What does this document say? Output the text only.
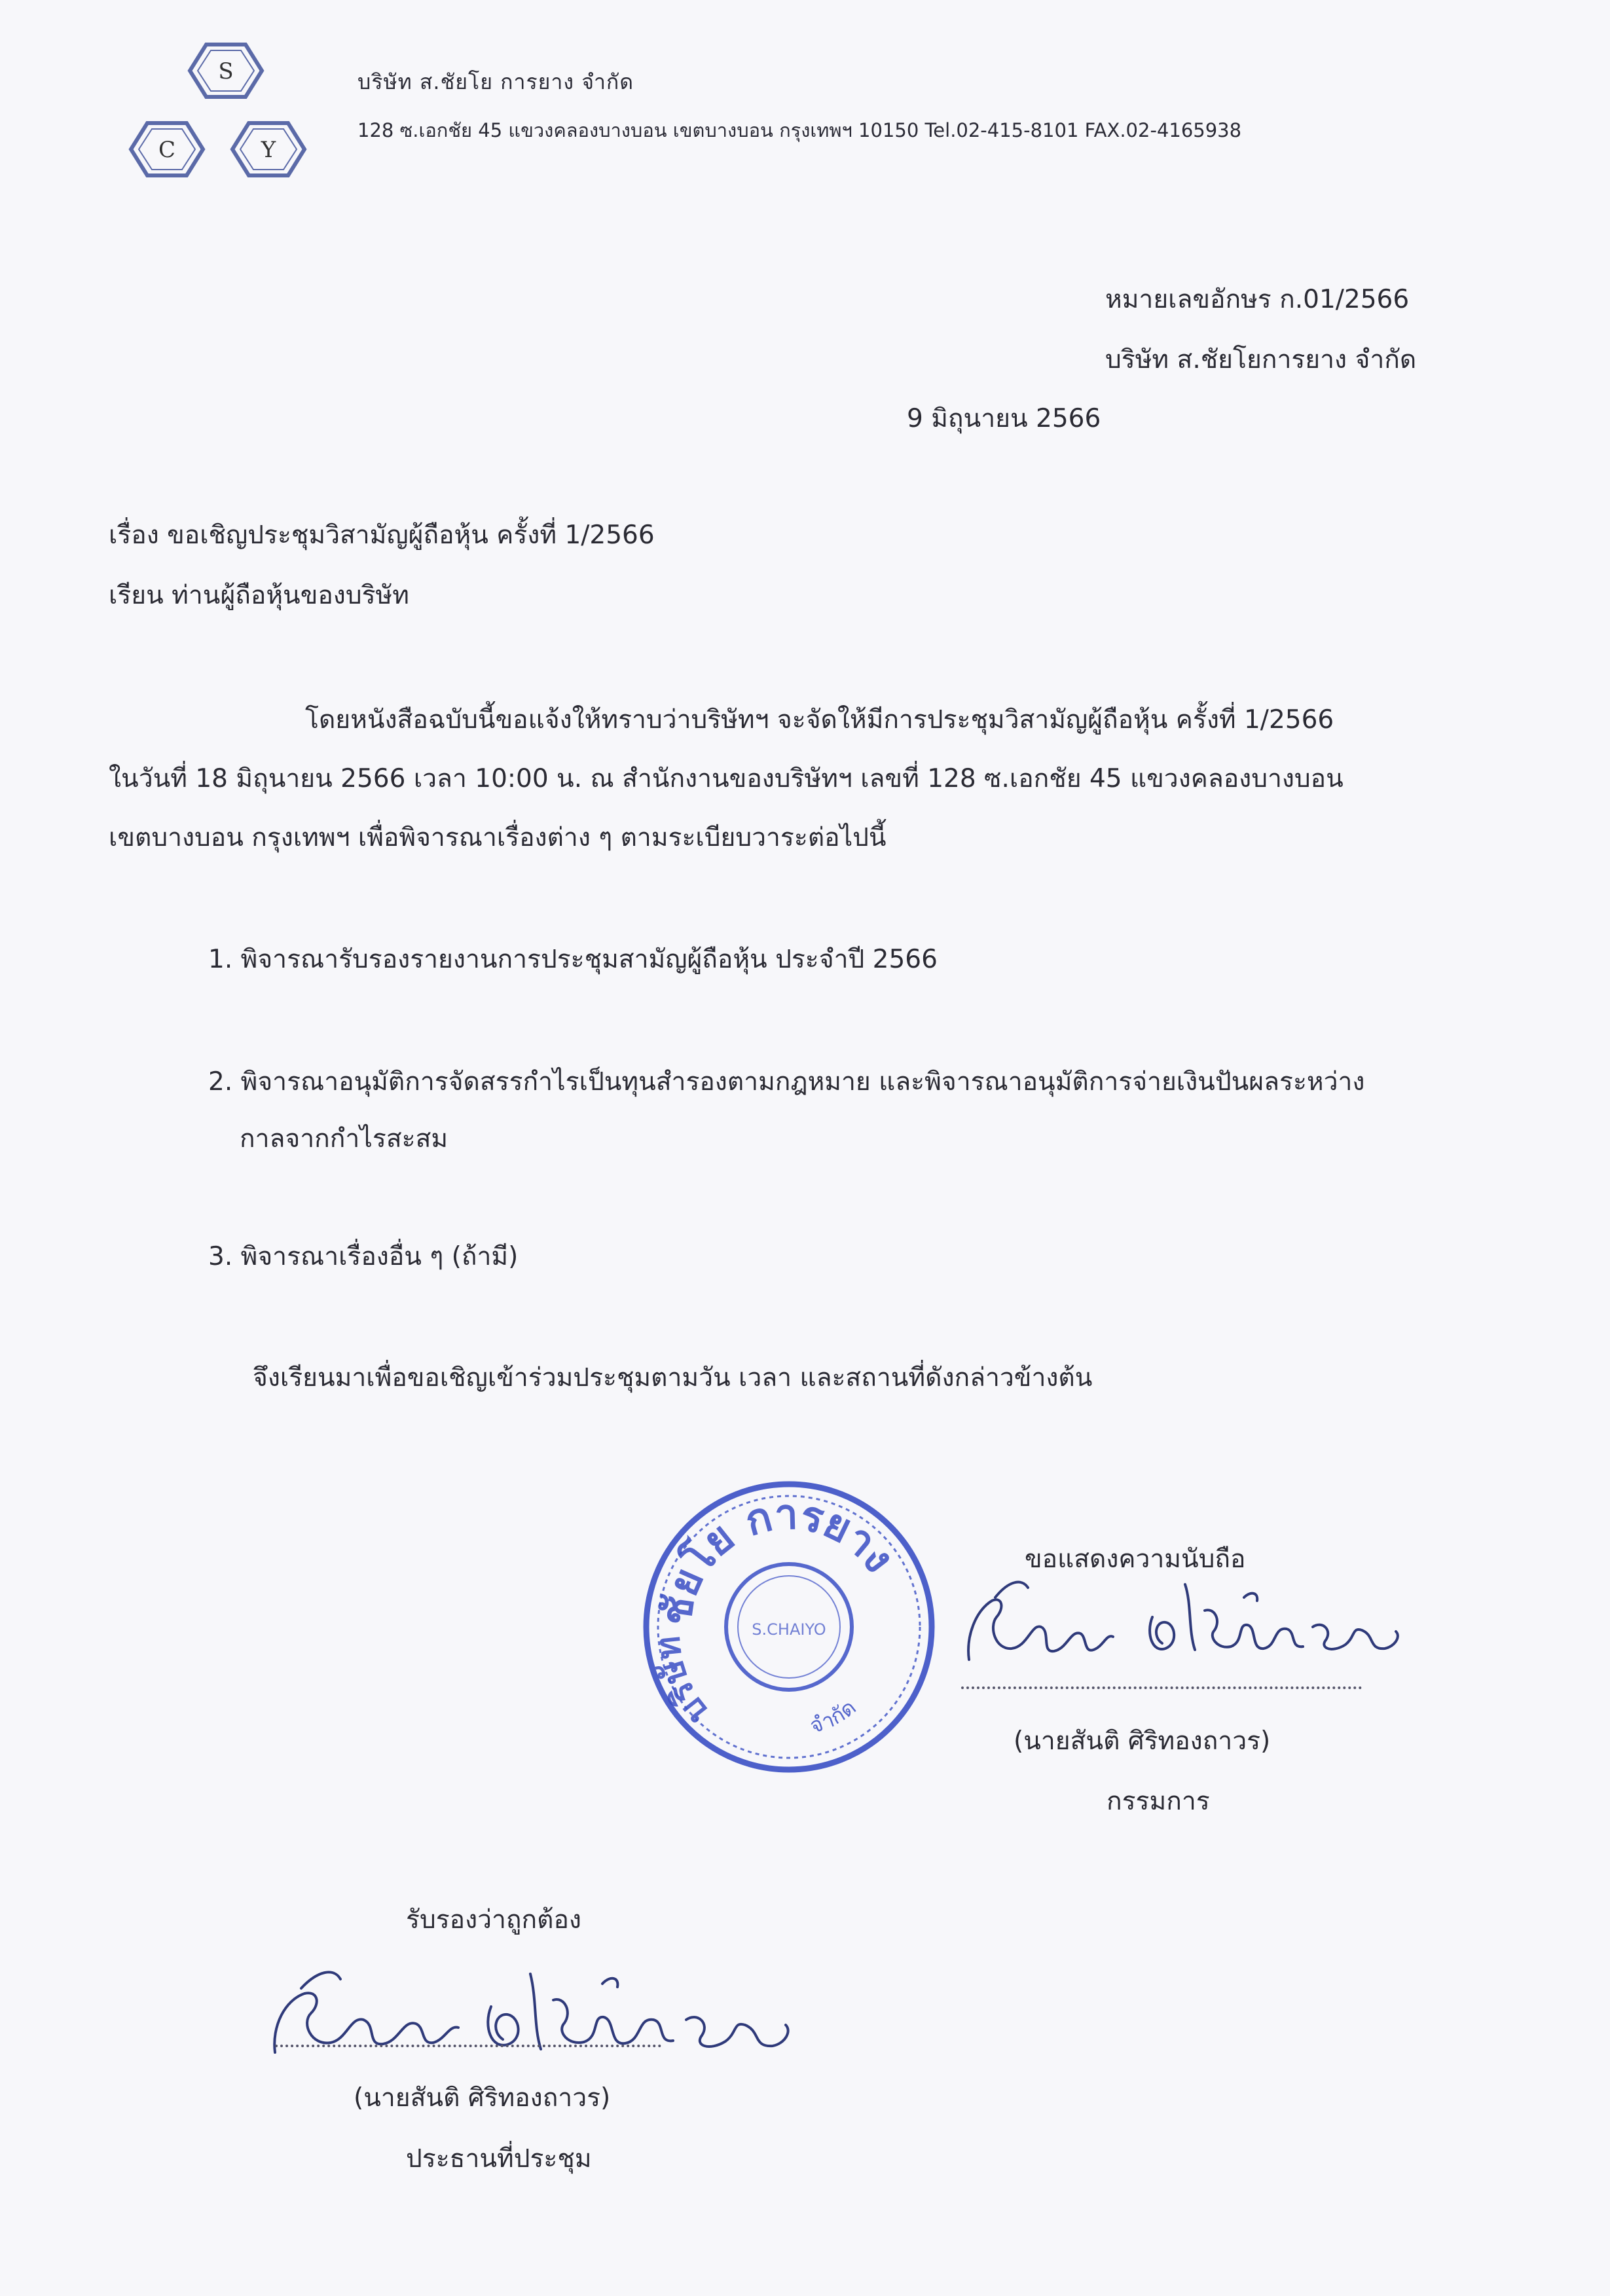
S
C	Y
บริษัท ส.ชัยโย การยาง จำกัด
128 ซ.เอกชัย 45 แขวงคลองบางบอน เขตบางบอน กรุงเทพฯ 10150 Tel.02-415-8101 FAX.02-4165938
หมายเลขอักษร ก.01/2566
บริษัท ส.ชัยโยการยาง จำกัด
9 มิถุนายน 2566
เรื่อง ขอเชิญประชุมวิสามัญผู้ถือหุ้น ครั้งที่ 1/2566
เรียน ท่านผู้ถือหุ้นของบริษัท
โดยหนังสือฉบับนี้ขอแจ้งให้ทราบว่าบริษัทฯ จะจัดให้มีการประชุมวิสามัญผู้ถือหุ้น ครั้งที่ 1/2566
ในวันที่ 18 มิถุนายน 2566 เวลา 10:00 น. ณ สำนักงานของบริษัทฯ เลขที่ 128 ซ.เอกชัย 45 แขวงคลองบางบอน
เขตบางบอน กรุงเทพฯ เพื่อพิจารณาเรื่องต่าง ๆ ตามระเบียบวาระต่อไปนี้
1. พิจารณารับรองรายงานการประชุมสามัญผู้ถือหุ้น ประจำปี 2566
2. พิจารณาอนุมัติการจัดสรรกำไรเป็นทุนสำรองตามกฎหมาย และพิจารณาอนุมัติการจ่ายเงินปันผลระหว่าง
กาลจากกำไรสะสม
3. พิจารณาเรื่องอื่น ๆ (ถ้ามี)
จึงเรียนมาเพื่อขอเชิญเข้าร่วมประชุมตามวัน เวลา และสถานที่ดังกล่าวข้างต้น
ชัยโย การยาง
บริษัท
จำกัด
S.CHAIYO
ขอแสดงความนับถือ
(นายสันติ ศิริทองถาวร)
กรรมการ
รับรองว่าถูกต้อง
(นายสันติ ศิริทองถาวร)
ประธานที่ประชุม
